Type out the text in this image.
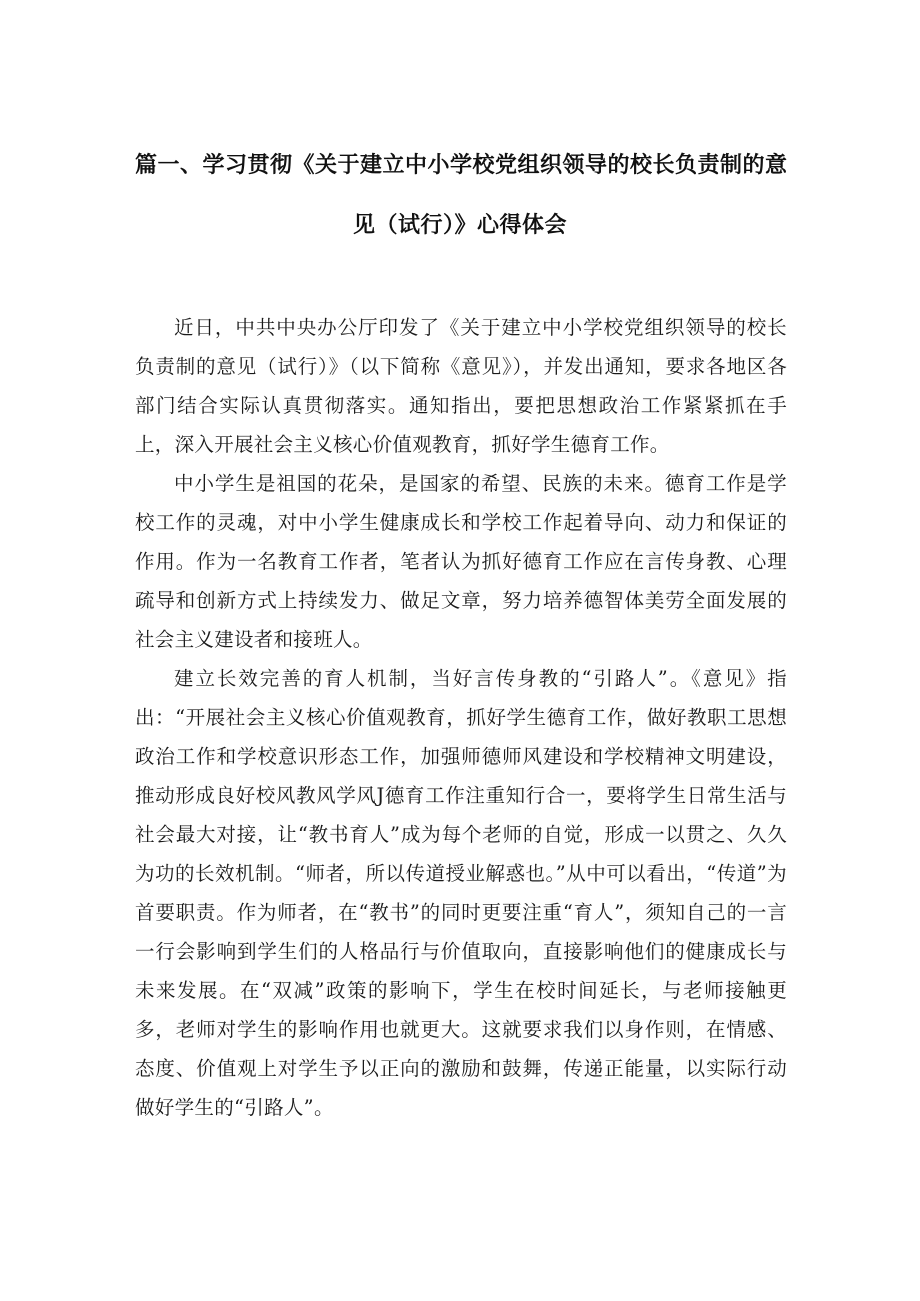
篇一、学习贯彻《关于建立中小学校党组织领导的校长负责制的意
见（试行）》心得体会

近日，中共中央办公厅印发了《关于建立中小学校党组织领导的校长负责制的意见（试行）》（以下简称《意见》），并发出通知，要求各地区各部门结合实际认真贯彻落实。通知指出，要把思想政治工作紧紧抓在手上，深入开展社会主义核心价值观教育，抓好学生德育工作。

中小学生是祖国的花朵，是国家的希望、民族的未来。德育工作是学校工作的灵魂，对中小学生健康成长和学校工作起着导向、动力和保证的作用。作为一名教育工作者，笔者认为抓好德育工作应在言传身教、心理疏导和创新方式上持续发力、做足文章，努力培养德智体美劳全面发展的社会主义建设者和接班人。

建立长效完善的育人机制，当好言传身教的“引路人”。《意见》指出：“开展社会主义核心价值观教育，抓好学生德育工作，做好教职工思想政治工作和学校意识形态工作，加强师德师风建设和学校精神文明建设，推动形成良好校风教风学风J德育工作注重知行合一，要将学生日常生活与社会最大对接，让“教书育人”成为每个老师的自觉，形成一以贯之、久久为功的长效机制。“师者，所以传道授业解惑也。”从中可以看出，“传道”为首要职责。作为师者，在“教书”的同时更要注重“育人”，须知自己的一言一行会影响到学生们的人格品行与价值取向，直接影响他们的健康成长与未来发展。在“双减”政策的影响下，学生在校时间延长，与老师接触更多，老师对学生的影响作用也就更大。这就要求我们以身作则，在情感、态度、价值观上对学生予以正向的激励和鼓舞，传递正能量，以实际行动做好学生的“引路人”。
